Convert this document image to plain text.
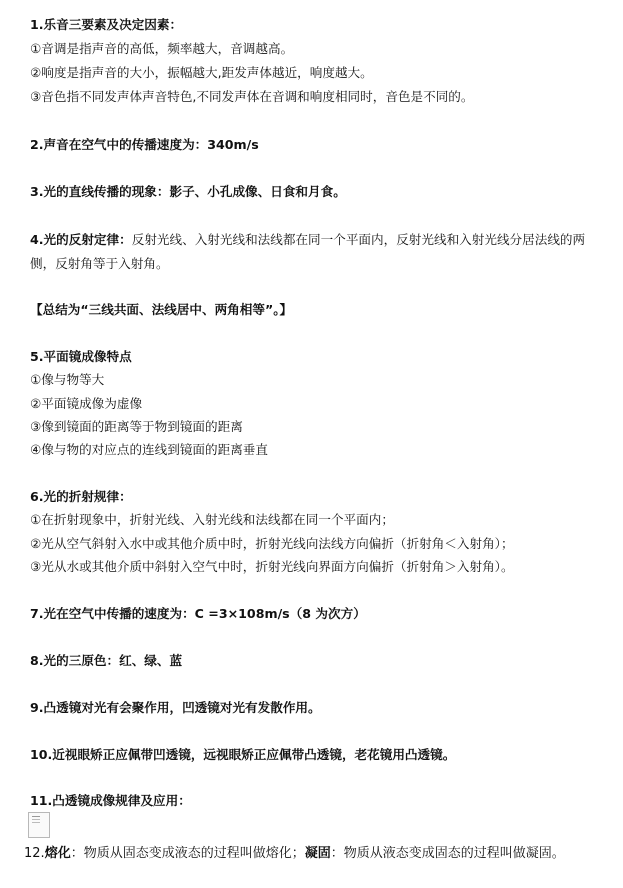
1.乐音三要素及决定因素：
①音调是指声音的高低，频率越大，音调越高。
②响度是指声音的大小，振幅越大,距发声体越近，响度越大。
③音色指不同发声体声音特色,不同发声体在音调和响度相同时，音色是不同的。
2.声音在空气中的传播速度为：340m/s
3.光的直线传播的现象：影子、小孔成像、日食和月食。
4.光的反射定律：反射光线、入射光线和法线都在同一个平面内，反射光线和入射光线分居法线的两侧，反射角等于入射角。
【总结为“三线共面、法线居中、两角相等”。】
5.平面镜成像特点
①像与物等大
②平面镜成像为虚像
③像到镜面的距离等于物到镜面的距离
④像与物的对应点的连线到镜面的距离垂直
6.光的折射规律：
①在折射现象中，折射光线、入射光线和法线都在同一个平面内；
②光从空气斜射入水中或其他介质中时，折射光线向法线方向偏折（折射角＜入射角）；
③光从水或其他介质中斜射入空气中时，折射光线向界面方向偏折（折射角＞入射角）。
7.光在空气中传播的速度为：C =3×108m/s（8 为次方）
8.光的三原色：红、绿、蓝
9.凸透镜对光有会聚作用，凹透镜对光有发散作用。
10.近视眼矫正应佩带凹透镜，远视眼矫正应佩带凸透镜，老花镜用凸透镜。
11.凸透镜成像规律及应用：
12.熔化：物质从固态变成液态的过程叫做熔化；凝固：物质从液态变成固态的过程叫做凝固。
